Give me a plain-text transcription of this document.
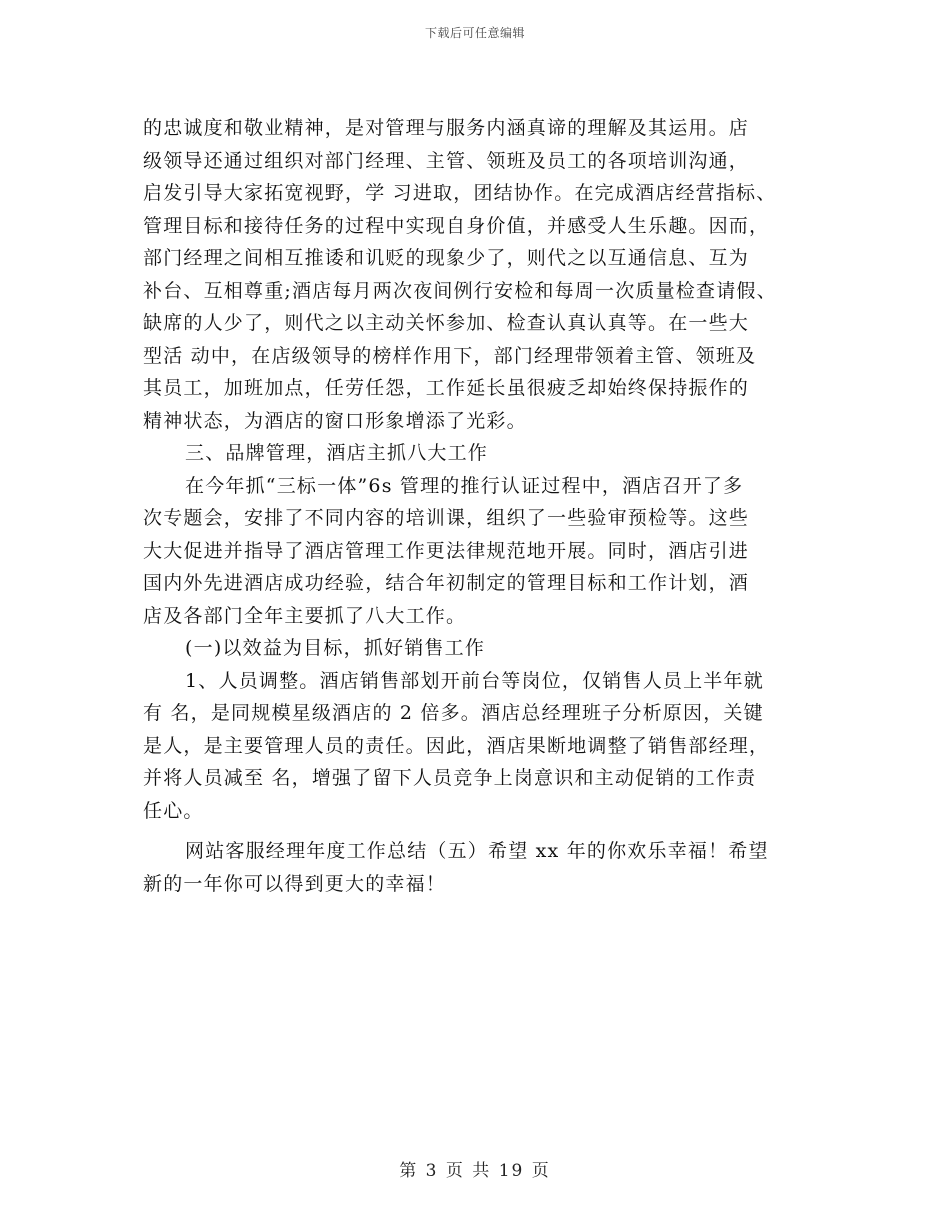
下载后可任意编辑
的忠诚度和敬业精神，是对管理与服务内涵真谛的理解及其运用。店
级领导还通过组织对部门经理、主管、领班及员工的各项培训沟通，
启发引导大家拓宽视野，学 习进取，团结协作。在完成酒店经营指标、
管理目标和接待任务的过程中实现自身价值，并感受人生乐趣。因而，
部门经理之间相互推诿和讥贬的现象少了，则代之以互通信息、互为
补台、互相尊重;酒店每月两次夜间例行安检和每周一次质量检查请假、
缺席的人少了，则代之以主动关怀参加、检查认真认真等。在一些大
型活 动中，在店级领导的榜样作用下，部门经理带领着主管、领班及
其员工，加班加点，任劳任怨，工作延长虽很疲乏却始终保持振作的
精神状态，为酒店的窗口形象增添了光彩。
三、品牌管理，酒店主抓八大工作
在今年抓“三标一体”6s 管理的推行认证过程中，酒店召开了多
次专题会，安排了不同内容的培训课，组织了一些验审预检等。这些
大大促进并指导了酒店管理工作更法律规范地开展。同时，酒店引进
国内外先进酒店成功经验，结合年初制定的管理目标和工作计划，酒
店及各部门全年主要抓了八大工作。
(一)以效益为目标，抓好销售工作
1、人员调整。酒店销售部划开前台等岗位，仅销售人员上半年就
有 名，是同规模星级酒店的 2 倍多。酒店总经理班子分析原因，关键
是人，是主要管理人员的责任。因此，酒店果断地调整了销售部经理，
并将人员减至 名，增强了留下人员竞争上岗意识和主动促销的工作责
任心。
网站客服经理年度工作总结（五）希望 xx 年的你欢乐幸福！希望
新的一年你可以得到更大的幸福！
第 3 页 共 19 页
